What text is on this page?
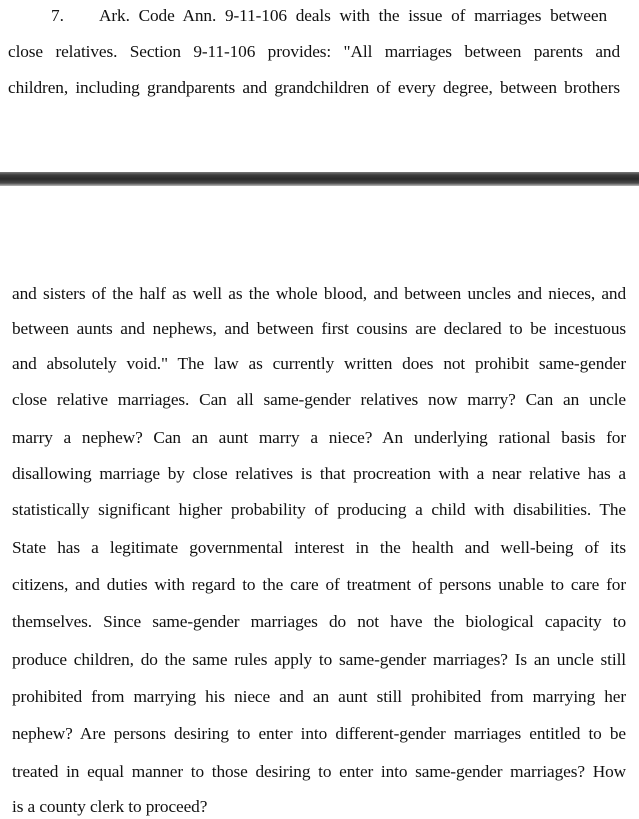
7. Ark. Code Ann. 9-11-106 deals with the issue of marriages between
close relatives. Section 9-11-106 provides: "All marriages between parents and
children, including grandparents and grandchildren of every degree, between brothers
and sisters of the half as well as the whole blood, and between uncles and nieces, and
between aunts and nephews, and between first cousins are declared to be incestuous
and absolutely void." The law as currently written does not prohibit same-gender
close relative marriages. Can all same-gender relatives now marry? Can an uncle
marry a nephew? Can an aunt marry a niece? An underlying rational basis for
disallowing marriage by close relatives is that procreation with a near relative has a
statistically significant higher probability of producing a child with disabilities. The
State has a legitimate governmental interest in the health and well-being of its
citizens, and duties with regard to the care of treatment of persons unable to care for
themselves. Since same-gender marriages do not have the biological capacity to
produce children, do the same rules apply to same-gender marriages? Is an uncle still
prohibited from marrying his niece and an aunt still prohibited from marrying her
nephew? Are persons desiring to enter into different-gender marriages entitled to be
treated in equal manner to those desiring to enter into same-gender marriages? How
is a county clerk to proceed?
